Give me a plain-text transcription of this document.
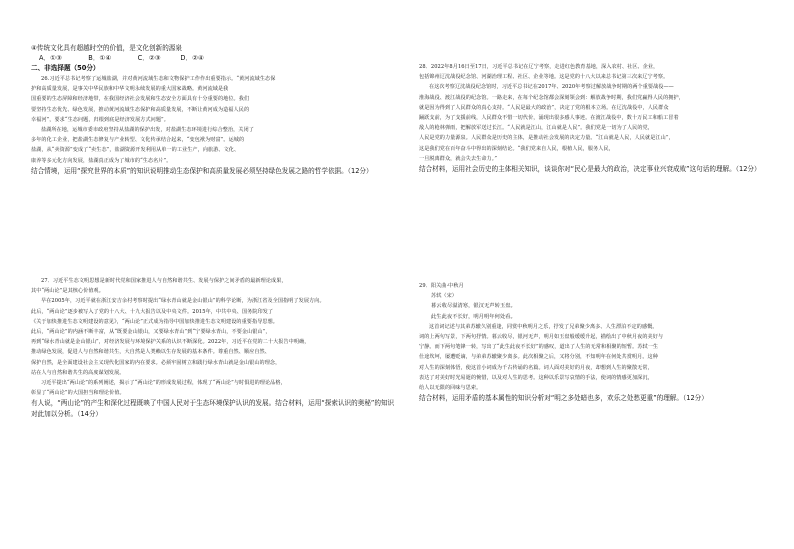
④传统文化具有超越时空的价值，是文化创新的源泉

A．①③　　　　B．①④　　　　C．②③　　　D．②④

二、非选择题（50分）

26.习近平总书记考察了运城盐湖，并对黄河流域生态和文物保护工作作出重要指示。“黄河流域生态保

护和高质量发展，是事关中华民族和中华文明永续发展的重大国家战略。黄河流域是我

国重要的生态屏障和经济地带，在我国经济社会发展和生态安全方面具有十分重要的地位。我们

要坚持生态优先、绿色发展，推动黄河流域生态保护和高质量发展，不断让黄河成为造福人民的

幸福河”，要求“生态问题，归根到底是经济发展方式问题”。

盐湖所在地，运城市委市政府坚持从盐湖的保护出发，对盐湖生态环境进行综合整治，关闭了

多年的化工企业，把盐湖生态修复与产业转型、文化传承结合起来，“变包袱为财富”。运城的

盐湖，从“卖资源”变成了“卖生态”，盐湖资源开发利用从单一的工业生产，向旅游、文化、

康养等多元化方向发展，盐湖真正成为了城市的“生态名片”。

结合情境，运用“探究世界的本质”的知识说明推动生态保护和高质量发展必须坚持绿色发展之路的哲学依据。（12分）

27．习近平生态文明思想是新时代党和国家推进人与自然和谐共生、发展与保护之间矛盾的最新理论成果，

其中“两山论”是其核心价值观。

早在2005年，习近平就在浙江安吉余村考察时提出“绿水青山就是金山银山”的科学论断，为浙江省及全国指明了发展方向。

此后，“两山论”逐步被写入了党的十八大、十九大报告以及中央文件。2015年，中共中央、国务院印发了

《关于加快推进生态文明建设的意见》，“两山论”正式成为指导中国加快推进生态文明建设的重要指导思想。

此后，“两山论”的内涵不断丰富，从“既要金山银山，又要绿水青山”到“宁要绿水青山，不要金山银山”，

再到“绿水青山就是金山银山”，对经济发展与环境保护关系的认识不断深化。2022年，习近平在党的二十大报告中明确，

推动绿色发展，促进人与自然和谐共生，大自然是人类赖以生存发展的基本条件。尊重自然、顺应自然、

保护自然，是全面建设社会主义现代化国家的内在要求。必须牢固树立和践行绿水青山就是金山银山的理念，

站在人与自然和谐共生的高度谋划发展。

习近平提出“两山论”的系列阐述，揭示了“两山论”的形成发展过程，体现了“两山论”与时俱进的理论品格，

彰显了“两山论”的大国担当和理论价值。

有人说，“两山论”的产生和深化过程既映了中国人民对于生态环境保护认识的发展。结合材料，运用“探索认识的奥秘”的知识对此加以分析。（14分）

28．2022年8月16日至17日，习近平总书记在辽宁考察，走进红色教育基地，深入农村、社区、企业，

包括锦州辽沈战役纪念馆、河湖治理工程、社区、企业等地。这是党的十八大以来总书记第三次来辽宁考察。

在这次考察辽沈战役纪念馆时，习近平总书记在2017年、2020年考察过解放战争时期的两个重要战役——

淮海战役、渡江战役的纪念馆。一路走来，在每个纪念馆都会深刻领会到：解放战争时期，我们党赢得人民的拥护，

就是因为得到了人民群众的真心支持。“人民是最大的政治”，决定了党的根本立场。在辽沈战役中，人民群众

踊跃支前，为了支援前线，人民群众不惜一切代价，涌现出很多感人事迹。在渡江战役中，数十万民工和船工冒着

敌人的枪林弹雨，把解放军送过长江。“人民就是江山，江山就是人民”。我们党是一切为了人民的党，

人民是党的力量源泉。人民群众是历史的主体，是推动社会发展的决定力量。“江山就是人民，人民就是江山”，

这是我们党在百年奋斗中得出的深刻结论。“我们党来自人民，根植人民，服务人民，

一旦脱离群众，就会失去生命力。”

结合材料，运用社会历史的主体相关知识，谈谈你对“民心是最大的政治，决定事业兴衰成败”这句话的理解。（12分）

29．阳关曲·中秋月

苏轼（宋）

暮云收尽溢清寒，银汉无声转玉盘。

此生此夜不长好，明月明年何处看。

这首词记述与其弟苏辙久别重逢，同赏中秋明月之乐，抒发了兄弟聚少离多、人生漂泊不定的感慨。

词的上两句写景，下两句抒情。暮云收尽，银河无声，明月如玉盘般缓缓升起，描绘出了中秋月夜的美好与

宁静。而下两句笔锋一转，写出了“此生此夜不长好”的感叹，道出了人生的无常和相聚的短暂。苏轼一生

仕途坎坷，屡遭贬谪，与弟弟苏辙聚少离多。此次相聚之后，又将分别，不知明年在何处共赏明月。这种

对人生的深刻体悟，使这首小词成为千古传诵的名篇。词人面对美好的月夜，却想到人生的聚散无常，

表达了对美好时光易逝的惋惜，以及对人生的思考。这种以乐景写哀情的手法，使词的情感更加深沉，

给人以无限的回味与思索。

结合材料，运用矛盾的基本属性的知识分析对“明之多处暗也多，欢乐之处愁更重”的理解。（12分）
